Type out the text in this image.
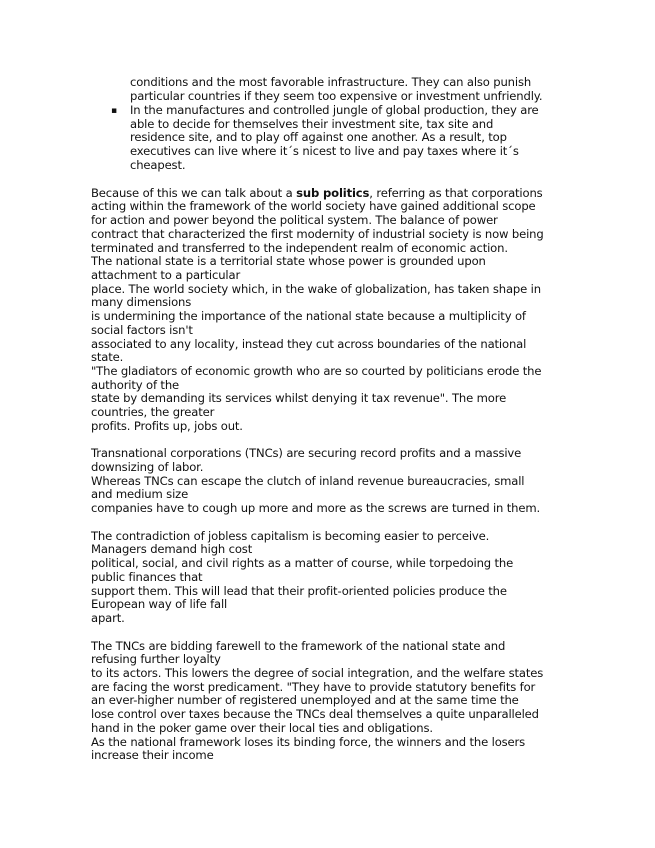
conditions and the most favorable infrastructure. They can also punish
particular countries if they seem too expensive or investment unfriendly.
▪ In the manufactures and controlled jungle of global production, they are
able to decide for themselves their investment site, tax site and
residence site, and to play off against one another. As a result, top
executives can live where it´s nicest to live and pay taxes where it´s
cheapest.
Because of this we can talk about a sub politics, referring as that corporations
acting within the framework of the world society have gained additional scope
for action and power beyond the political system. The balance of power
contract that characterized the first modernity of industrial society is now being
terminated and transferred to the independent realm of economic action.
The national state is a territorial state whose power is grounded upon
attachment to a particular
place. The world society which, in the wake of globalization, has taken shape in
many dimensions
is undermining the importance of the national state because a multiplicity of
social factors isn't
associated to any locality, instead they cut across boundaries of the national
state.
"The gladiators of economic growth who are so courted by politicians erode the
authority of the
state by demanding its services whilst denying it tax revenue". The more
countries, the greater
profits. Profits up, jobs out.
Transnational corporations (TNCs) are securing record profits and a massive
downsizing of labor.
Whereas TNCs can escape the clutch of inland revenue bureaucracies, small
and medium size
companies have to cough up more and more as the screws are turned in them.
The contradiction of jobless capitalism is becoming easier to perceive.
Managers demand high cost
political, social, and civil rights as a matter of course, while torpedoing the
public finances that
support them. This will lead that their profit-oriented policies produce the
European way of life fall
apart.
The TNCs are bidding farewell to the framework of the national state and
refusing further loyalty
to its actors. This lowers the degree of social integration, and the welfare states
are facing the worst predicament. "They have to provide statutory benefits for
an ever-higher number of registered unemployed and at the same time the
lose control over taxes because the TNCs deal themselves a quite unparalleled
hand in the poker game over their local ties and obligations.
As the national framework loses its binding force, the winners and the losers
increase their income
